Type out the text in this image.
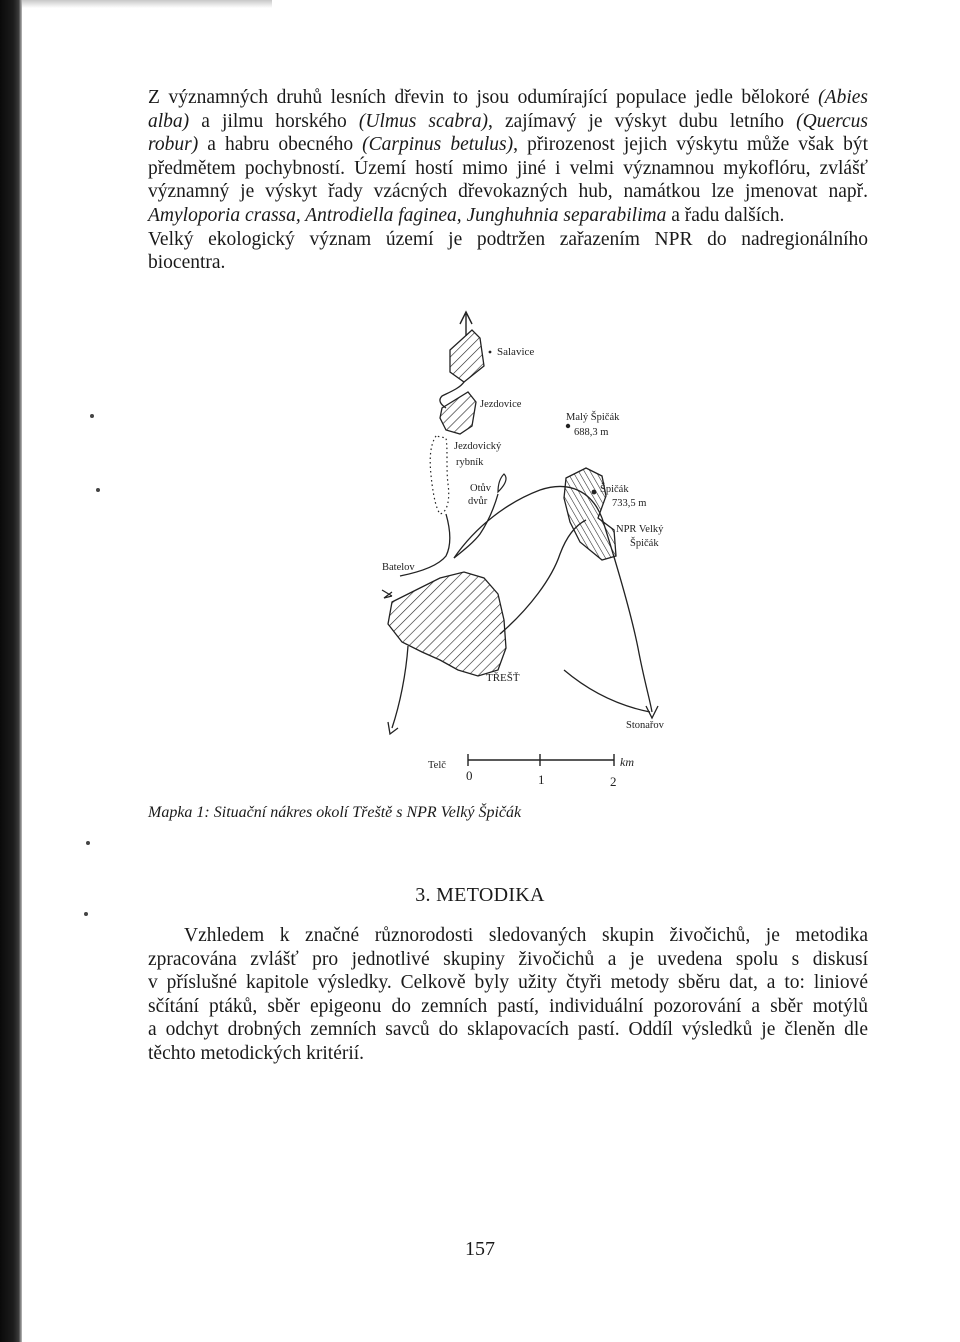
Z významných druhů lesních dřevin to jsou odumírající populace jedle bělokoré (Abies
alba) a jilmu horského (Ulmus scabra), zajímavý je výskyt dubu letního (Quercus
robur) a habru obecného (Carpinus betulus), přirozenost jejich výskytu může však být
předmětem pochybností. Území hostí mimo jiné i velmi významnou mykoflóru, zvlášť
významný je výskyt řady vzácných dřevokazných hub, namátkou lze jmenovat např.
Amyloporia crassa, Antrodiella faginea, Junghuhnia separabilima a řadu dalších.
Velký ekologický význam území je podtržen zařazením NPR do nadregionálního
biocentra.
Salavice
Jezdovice
Jezdovický
rybník
Otův
dvůr
Malý Špičák
688,3 m
Špičák
733,5 m
NPR Velký
Špičák
Batelov
TŘEŠŤ
Telč
Stonařov
0	1	2
km
Mapka 1: Situační nákres okolí Třeště s NPR Velký Špičák
3. METODIKA
Vzhledem k značné různorodosti sledovaných skupin živočichů, je metodika
zpracována zvlášť pro jednotlivé skupiny živočichů a je uvedena spolu s diskusí
v příslušné kapitole výsledky. Celkově byly užity čtyři metody sběru dat, a to: liniové
sčítání ptáků, sběr epigeonu do zemních pastí, individuální pozorování a sběr motýlů
a odchyt drobných zemních savců do sklapovacích pastí. Oddíl výsledků je členěn dle
těchto metodických kritérií.
157
